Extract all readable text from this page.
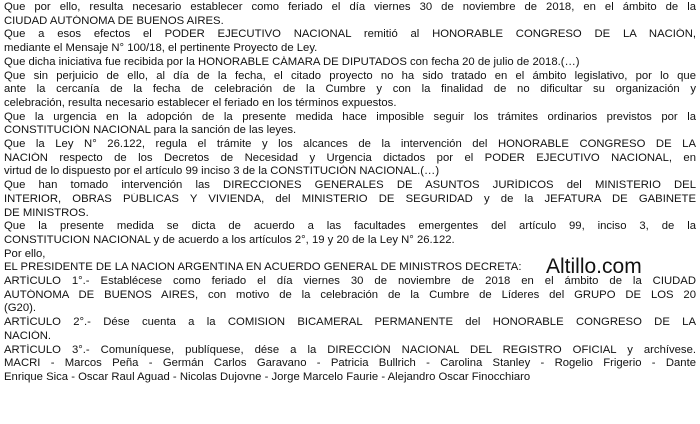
Que por ello, resulta necesario establecer como feriado el día viernes 30 de noviembre de 2018, en el ámbito de la
CIUDAD AUTÓNOMA DE BUENOS AIRES.
Que a esos efectos el PODER EJECUTIVO NACIONAL remitió al HONORABLE CONGRESO DE LA NACIÓN,
mediante el Mensaje N° 100/18, el pertinente Proyecto de Ley.
Que dicha iniciativa fue recibida por la HONORABLE CÁMARA DE DIPUTADOS con fecha 20 de julio de 2018.(…)
Que sin perjuicio de ello, al día de la fecha, el citado proyecto no ha sido tratado en el ámbito legislativo, por lo que
ante la cercanía de la fecha de celebración de la Cumbre y con la finalidad de no dificultar su organización y
celebración, resulta necesario establecer el feriado en los términos expuestos.
Que la urgencia en la adopción de la presente medida hace imposible seguir los trámites ordinarios previstos por la
CONSTITUCIÓN NACIONAL para la sanción de las leyes.
Que la Ley N° 26.122, regula el trámite y los alcances de la intervención del HONORABLE CONGRESO DE LA
NACIÓN respecto de los Decretos de Necesidad y Urgencia dictados por el PODER EJECUTIVO NACIONAL, en
virtud de lo dispuesto por el artículo 99 inciso 3 de la CONSTITUCIÓN NACIONAL.(…)
Que han tomado intervención las DIRECCIONES GENERALES DE ASUNTOS JURÍDICOS del MINISTERIO DEL
INTERIOR, OBRAS PÚBLICAS Y VIVIENDA, del MINISTERIO DE SEGURIDAD y de la JEFATURA DE GABINETE
DE MINISTROS.
Que la presente medida se dicta de acuerdo a las facultades emergentes del artículo 99, inciso 3, de la
CONSTITUCION NACIONAL y de acuerdo a los artículos 2°, 19 y 20 de la Ley N° 26.122.
Por ello,
EL PRESIDENTE DE LA NACION ARGENTINA EN ACUERDO GENERAL DE MINISTROS DECRETA:
ARTÍCULO 1°.- Establécese como feriado el día viernes 30 de noviembre de 2018 en el ámbito de la CIUDAD
AUTÓNOMA DE BUENOS AIRES, con motivo de la celebración de la Cumbre de Líderes del GRUPO DE LOS 20
(G20).
ARTÍCULO 2°.- Dése cuenta a la COMISION BICAMERAL PERMANENTE del HONORABLE CONGRESO DE LA
NACIÓN.
ARTÍCULO 3°.- Comuníquese, publíquese, dése a la DIRECCIÓN NACIONAL DEL REGISTRO OFICIAL y archívese.
MACRI - Marcos Peña - Germán Carlos Garavano - Patricia Bullrich - Carolina Stanley - Rogelio Frigerio - Dante
Enrique Sica - Oscar Raul Aguad - Nicolas Dujovne - Jorge Marcelo Faurie - Alejandro Oscar Finocchiaro
Altillo.com
